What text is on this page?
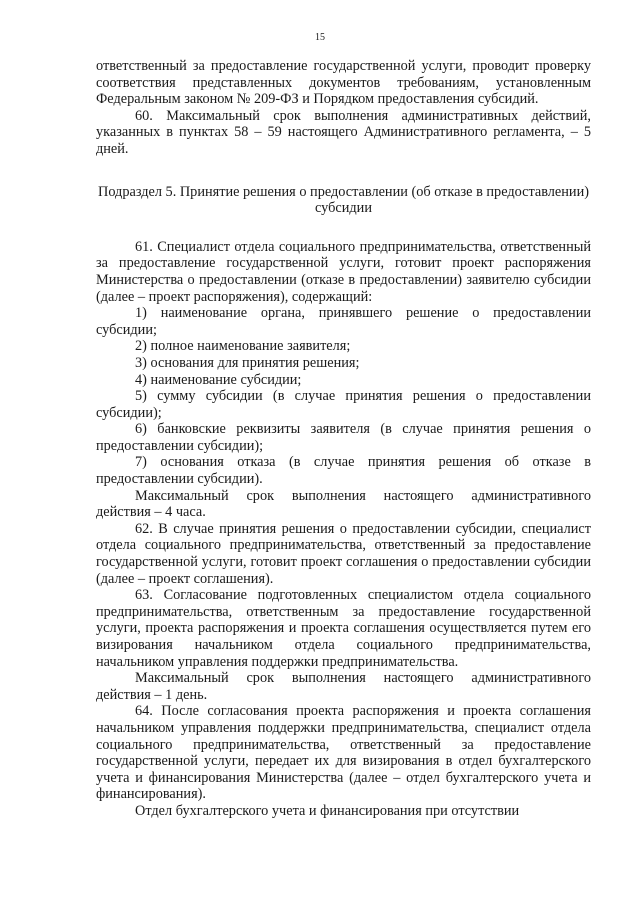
15

ответственный за предоставление государственной услуги, проводит проверку соответствия представленных документов требованиям, установленным Федеральным законом № 209-ФЗ и Порядком предоставления субсидий.

60. Максимальный срок выполнения административных действий, указанных в пунктах 58 – 59 настоящего Административного регламента, – 5 дней.

Подраздел 5. Принятие решения о предоставлении (об отказе в предоставлении) субсидии

61. Специалист отдела социального предпринимательства, ответственный за предоставление государственной услуги, готовит проект распоряжения Министерства о предоставлении (отказе в предоставлении) заявителю субсидии (далее – проект распоряжения), содержащий:

1) наименование органа, принявшего решение о предоставлении субсидии;

2) полное наименование заявителя;

3) основания для принятия решения;

4) наименование субсидии;

5) сумму субсидии (в случае принятия решения о предоставлении субсидии);

6) банковские реквизиты заявителя (в случае принятия решения о предоставлении субсидии);

7) основания отказа (в случае принятия решения об отказе в предоставлении субсидии).

Максимальный срок выполнения настоящего административного действия – 4 часа.

62. В случае принятия решения о предоставлении субсидии, специалист отдела социального предпринимательства, ответственный за предоставление государственной услуги, готовит проект соглашения о предоставлении субсидии (далее – проект соглашения).

63. Согласование подготовленных специалистом отдела социального предпринимательства, ответственным за предоставление государственной услуги, проекта распоряжения и проекта соглашения осуществляется путем его визирования начальником отдела социального предпринимательства, начальником управления поддержки предпринимательства.

Максимальный срок выполнения настоящего административного действия – 1 день.

64. После согласования проекта распоряжения и проекта соглашения начальником управления поддержки предпринимательства, специалист отдела социального предпринимательства, ответственный за предоставление государственной услуги, передает их для визирования в отдел бухгалтерского учета и финансирования Министерства (далее – отдел бухгалтерского учета и финансирования).

Отдел бухгалтерского учета и финансирования при отсутствии
